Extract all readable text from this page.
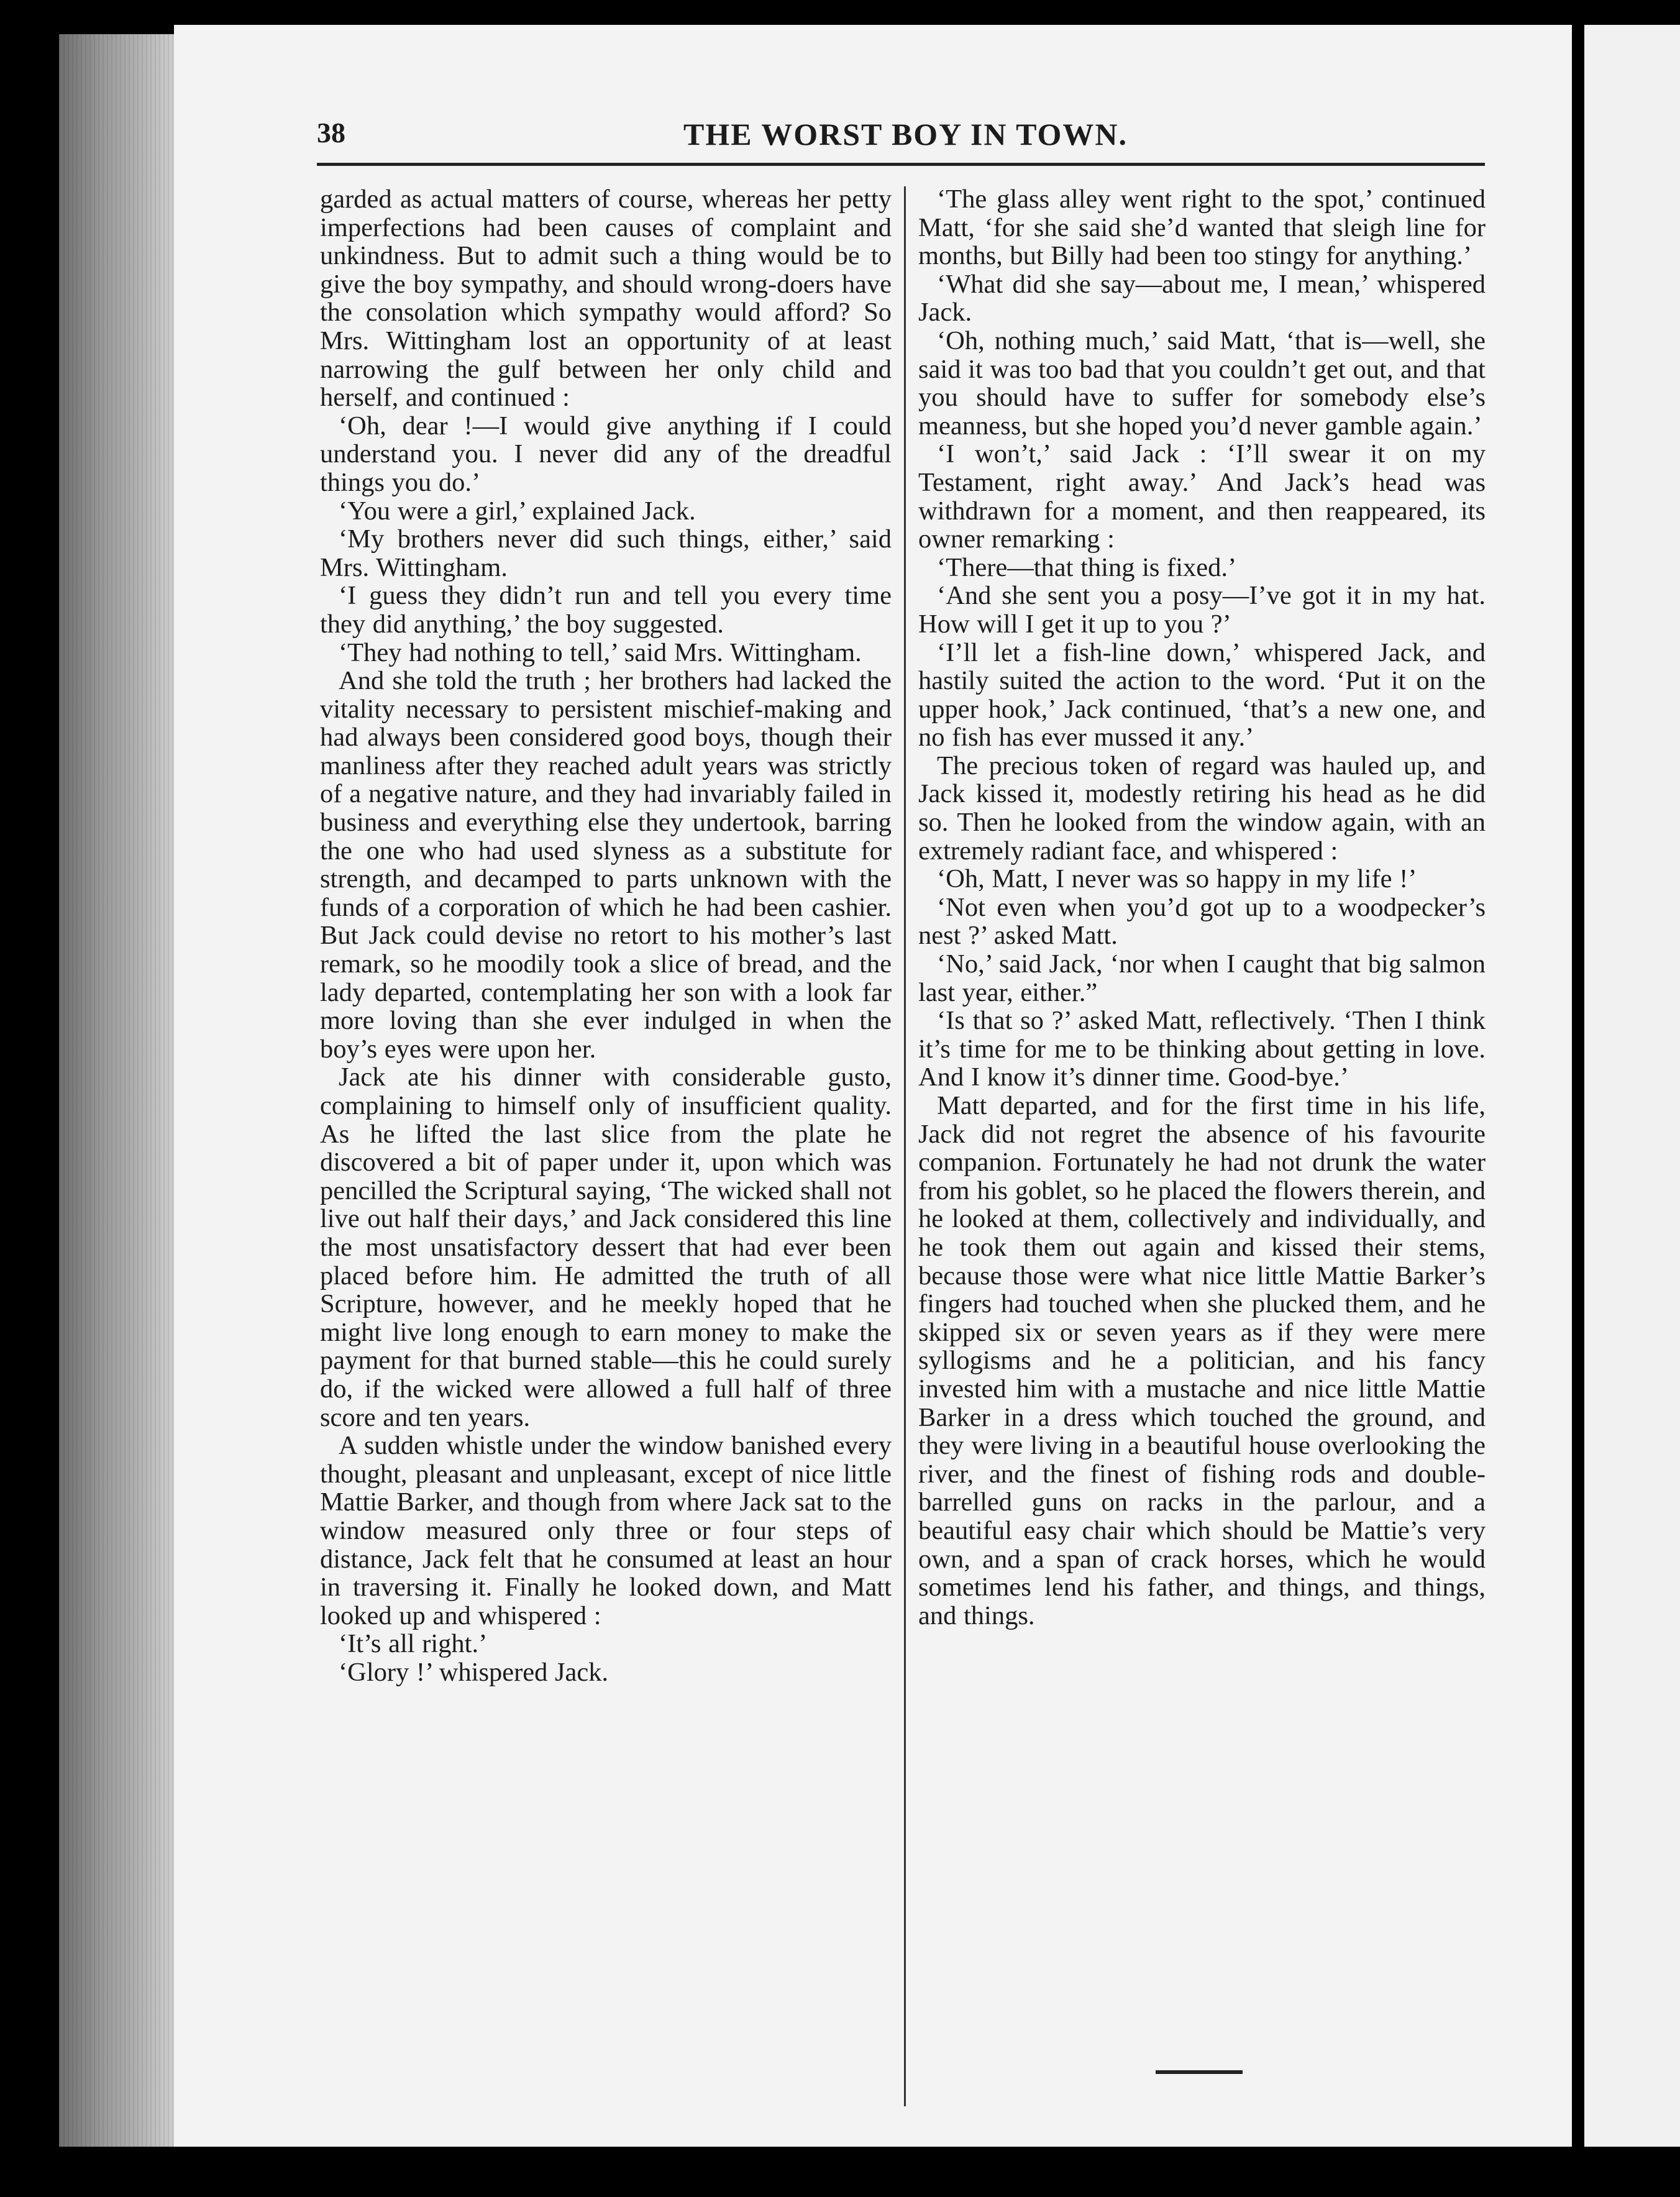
38	THE WORST BOY IN TOWN.

garded as actual matters of course, whereas her petty imperfections had been causes of complaint and unkindness. But to admit such a thing would be to give the boy sympathy, and should wrong-doers have the consolation which sympathy would afford? So Mrs. Wittingham lost an opportunity of at least narrowing the gulf between her only child and herself, and continued :

‘Oh, dear !—I would give anything if I could understand you. I never did any of the dreadful things you do.’

‘You were a girl,’ explained Jack.

‘My brothers never did such things, either,’ said Mrs. Wittingham.

‘I guess they didn’t run and tell you every time they did anything,’ the boy suggested.

‘They had nothing to tell,’ said Mrs. Wittingham.

And she told the truth ; her brothers had lacked the vitality necessary to persistent mischief-making and had always been considered good boys, though their manliness after they reached adult years was strictly of a negative nature, and they had invariably failed in business and everything else they undertook, barring the one who had used slyness as a substitute for strength, and decamped to parts unknown with the funds of a corporation of which he had been cashier. But Jack could devise no retort to his mother’s last remark, so he moodily took a slice of bread, and the lady departed, contemplating her son with a look far more loving than she ever indulged in when the boy’s eyes were upon her.

Jack ate his dinner with considerable gusto, complaining to himself only of insufficient quality. As he lifted the last slice from the plate he discovered a bit of paper under it, upon which was pencilled the Scriptural saying, ‘The wicked shall not live out half their days,’ and Jack considered this line the most unsatisfactory dessert that had ever been placed before him. He admitted the truth of all Scripture, however, and he meekly hoped that he might live long enough to earn money to make the payment for that burned stable—this he could surely do, if the wicked were allowed a full half of three score and ten years.

A sudden whistle under the window banished every thought, pleasant and unpleasant, except of nice little Mattie Barker, and though from where Jack sat to the window measured only three or four steps of distance, Jack felt that he consumed at least an hour in traversing it. Finally he looked down, and Matt looked up and whispered :

‘It’s all right.’

‘Glory !’ whispered Jack.

‘The glass alley went right to the spot,’ continued Matt, ‘for she said she’d wanted that sleigh line for months, but Billy had been too stingy for anything.’

‘What did she say—about me, I mean,’ whispered Jack.

‘Oh, nothing much,’ said Matt, ‘that is—well, she said it was too bad that you couldn’t get out, and that you should have to suffer for somebody else’s meanness, but she hoped you’d never gamble again.’

‘I won’t,’ said Jack : ‘I’ll swear it on my Testament, right away.’ And Jack’s head was withdrawn for a moment, and then reappeared, its owner remarking :

‘There—that thing is fixed.’

‘And she sent you a posy—I’ve got it in my hat. How will I get it up to you ?’

‘I’ll let a fish-line down,’ whispered Jack, and hastily suited the action to the word. ‘Put it on the upper hook,’ Jack continued, ‘that’s a new one, and no fish has ever mussed it any.’

The precious token of regard was hauled up, and Jack kissed it, modestly retiring his head as he did so. Then he looked from the window again, with an extremely radiant face, and whispered :

‘Oh, Matt, I never was so happy in my life !’

‘Not even when you’d got up to a woodpecker’s nest ?’ asked Matt.

‘No,’ said Jack, ‘nor when I caught that big salmon last year, either.”

‘Is that so ?’ asked Matt, reflectively. ‘Then I think it’s time for me to be thinking about getting in love. And I know it’s dinner time. Good-bye.’

Matt departed, and for the first time in his life, Jack did not regret the absence of his favourite companion. Fortunately he had not drunk the water from his goblet, so he placed the flowers therein, and he looked at them, collectively and individually, and he took them out again and kissed their stems, because those were what nice little Mattie Barker’s fingers had touched when she plucked them, and he skipped six or seven years as if they were mere syllogisms and he a politician, and his fancy invested him with a mustache and nice little Mattie Barker in a dress which touched the ground, and they were living in a beautiful house overlooking the river, and the finest of fishing rods and double-barrelled guns on racks in the parlour, and a beautiful easy chair which should be Mattie’s very own, and a span of crack horses, which he would sometimes lend his father, and things, and things, and things.
